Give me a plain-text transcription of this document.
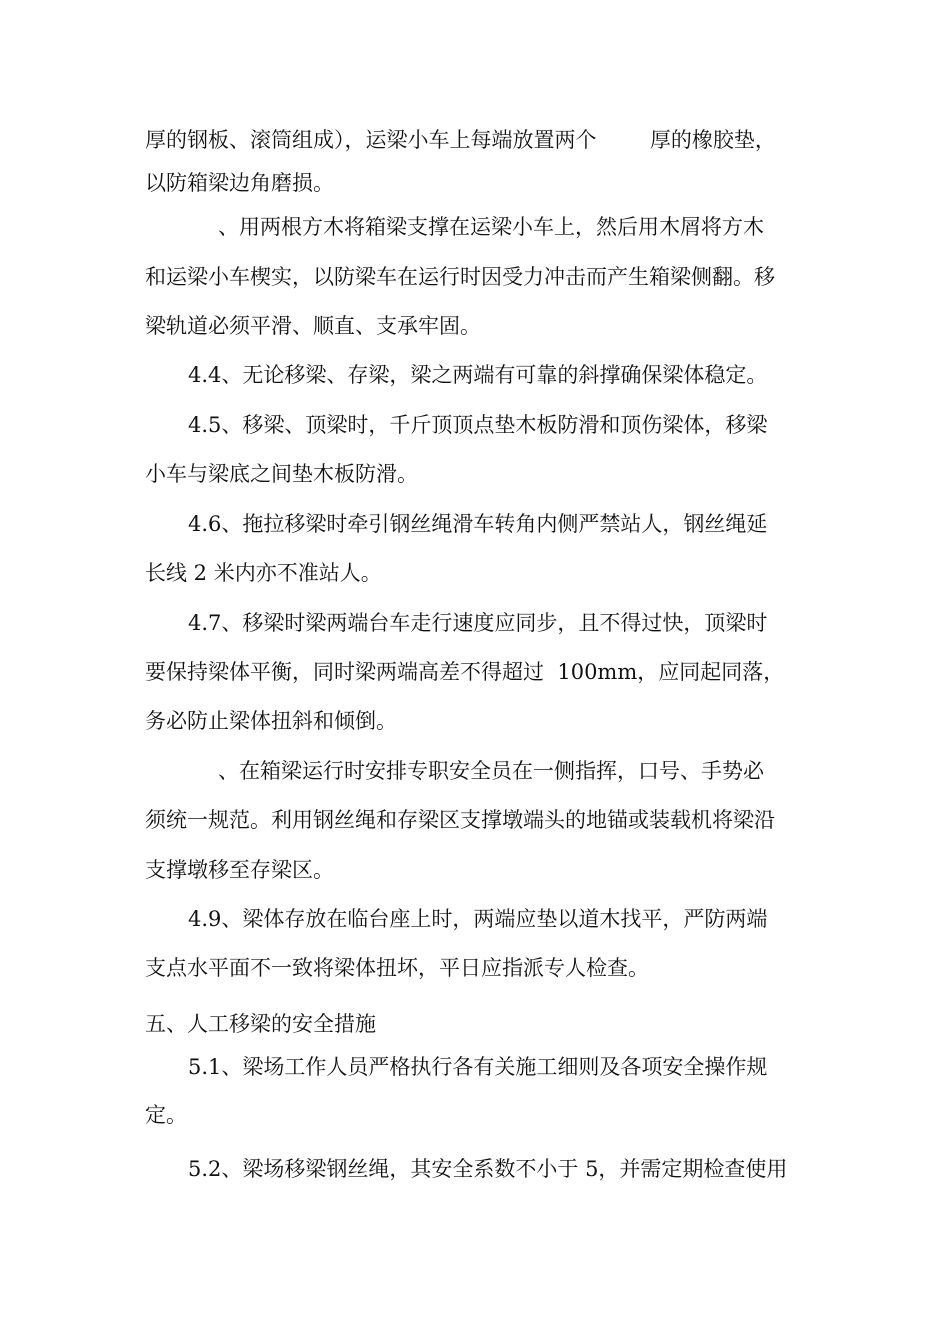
厚的钢板、滚筒组成），运梁小车上每端放置两个        厚的橡胶垫，
以防箱梁边角磨损。
、用两根方木将箱梁支撑在运梁小车上，然后用木屑将方木
和运梁小车楔实，以防梁车在运行时因受力冲击而产生箱梁侧翻。移
梁轨道必须平滑、顺直、支承牢固。
4.4、无论移梁、存梁，梁之两端有可靠的斜撑确保梁体稳定。
4.5、移梁、顶梁时，千斤顶顶点垫木板防滑和顶伤梁体，移梁
小车与梁底之间垫木板防滑。
4.6、拖拉移梁时牵引钢丝绳滑车转角内侧严禁站人，钢丝绳延
长线 2 米内亦不准站人。
4.7、移梁时梁两端台车走行速度应同步，且不得过快，顶梁时
要保持梁体平衡，同时梁两端高差不得超过  100mm，应同起同落，
务必防止梁体扭斜和倾倒。
、在箱梁运行时安排专职安全员在一侧指挥，口号、手势必
须统一规范。利用钢丝绳和存梁区支撑墩端头的地锚或装载机将梁沿
支撑墩移至存梁区。
4.9、梁体存放在临台座上时，两端应垫以道木找平，严防两端
支点水平面不一致将梁体扭坏，平日应指派专人检查。
五、人工移梁的安全措施
5.1、梁场工作人员严格执行各有关施工细则及各项安全操作规
定。
5.2、梁场移梁钢丝绳，其安全系数不小于 5，并需定期检查使用
